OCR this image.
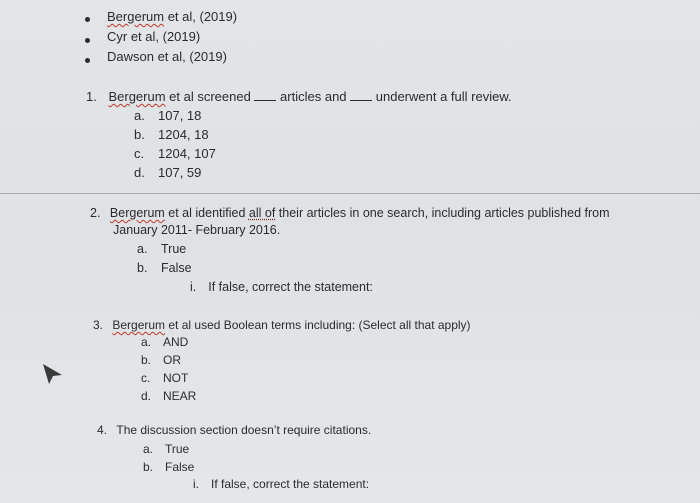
Bergerum et al, (2019)
Cyr et al, (2019)
Dawson et al, (2019)
1. Bergerum et al screened  articles and  underwent a full review.
a. 107, 18
b. 1204, 18
c. 1204, 107
d. 107, 59
2. Bergerum et al identified all of their articles in one search, including articles published from
January 2011- February 2016.
a. True
b. False
i. If false, correct the statement:
3. Bergerum et al used Boolean terms including: (Select all that apply)
a. AND
b. OR
c. NOT
d. NEAR
4. The discussion section doesn’t require citations.
a. True
b. False
i. If false, correct the statement:
